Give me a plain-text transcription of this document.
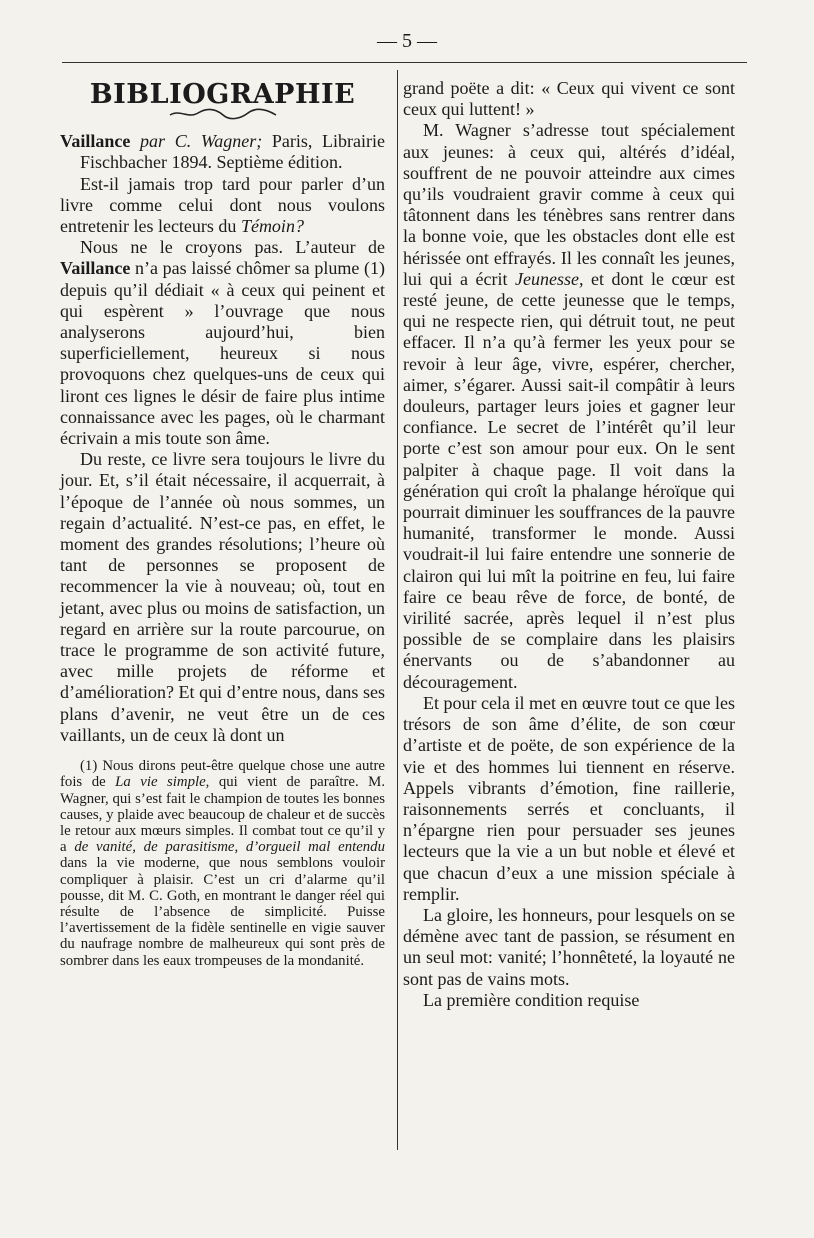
— 5 —
BIBLIOGRAPHIE

Vaillance par C. Wagner; Paris, Librairie Fischbacher 1894. Septième édition.

Est-il jamais trop tard pour parler d’un livre comme celui dont nous voulons entretenir les lecteurs du Témoin?

Nous ne le croyons pas. L’auteur de Vaillance n’a pas laissé chômer sa plume (1) depuis qu’il dédiait « à ceux qui peinent et qui espèrent » l’ouvrage que nous analyserons aujourd’hui, bien superficiellement, heureux si nous provoquons chez quelques-uns de ceux qui liront ces lignes le désir de faire plus intime connaissance avec les pages, où le charmant écrivain a mis toute son âme.

Du reste, ce livre sera toujours le livre du jour. Et, s’il était nécessaire, il acquerrait, à l’époque de l’année où nous sommes, un regain d’actualité. N’est-ce pas, en effet, le moment des grandes résolutions; l’heure où tant de personnes se proposent de recommencer la vie à nouveau; où, tout en jetant, avec plus ou moins de satisfaction, un regard en arrière sur la route parcourue, on trace le programme de son activité future, avec mille projets de réforme et d’amélioration? Et qui d’entre nous, dans ses plans d’avenir, ne veut être un de ces vaillants, un de ceux là dont un

(1) Nous dirons peut-être quelque chose une autre fois de La vie simple, qui vient de paraître. M. Wagner, qui s’est fait le champion de toutes les bonnes causes, y plaide avec beaucoup de chaleur et de succès le retour aux mœurs simples. Il combat tout ce qu’il y a de vanité, de parasitisme, d’orgueil mal entendu dans la vie moderne, que nous semblons vouloir compliquer à plaisir. C’est un cri d’alarme qu’il pousse, dit M. C. Goth, en montrant le danger réel qui résulte de l’absence de simplicité. Puisse l’avertissement de la fidèle sentinelle en vigie sauver du naufrage nombre de malheureux qui sont près de sombrer dans les eaux trompeuses de la mondanité.

grand poëte a dit: « Ceux qui vivent ce sont ceux qui luttent! »

M. Wagner s’adresse tout spécialement aux jeunes: à ceux qui, altérés d’idéal, souffrent de ne pouvoir atteindre aux cimes qu’ils voudraient gravir comme à ceux qui tâtonnent dans les ténèbres sans rentrer dans la bonne voie, que les obstacles dont elle est hérissée ont effrayés. Il les connaît les jeunes, lui qui a écrit Jeunesse, et dont le cœur est resté jeune, de cette jeunesse que le temps, qui ne respecte rien, qui détruit tout, ne peut effacer. Il n’a qu’à fermer les yeux pour se revoir à leur âge, vivre, espérer, chercher, aimer, s’égarer. Aussi sait-il compâtir à leurs douleurs, partager leurs joies et gagner leur confiance. Le secret de l’intérêt qu’il leur porte c’est son amour pour eux. On le sent palpiter à chaque page. Il voit dans la génération qui croît la phalange héroïque qui pourrait diminuer les souffrances de la pauvre humanité, transformer le monde. Aussi voudrait-il lui faire entendre une sonnerie de clairon qui lui mît la poitrine en feu, lui faire faire ce beau rêve de force, de bonté, de virilité sacrée, après lequel il n’est plus possible de se complaire dans les plaisirs énervants ou de s’abandonner au découragement.

Et pour cela il met en œuvre tout ce que les trésors de son âme d’élite, de son cœur d’artiste et de poëte, de son expérience de la vie et des hommes lui tiennent en réserve. Appels vibrants d’émotion, fine raillerie, raisonnements serrés et concluants, il n’épargne rien pour persuader ses jeunes lecteurs que la vie a un but noble et élevé et que chacun d’eux a une mission spéciale à remplir.

La gloire, les honneurs, pour lesquels on se démène avec tant de passion, se résument en un seul mot: vanité; l’honnêteté, la loyauté ne sont pas de vains mots.

La première condition requise
